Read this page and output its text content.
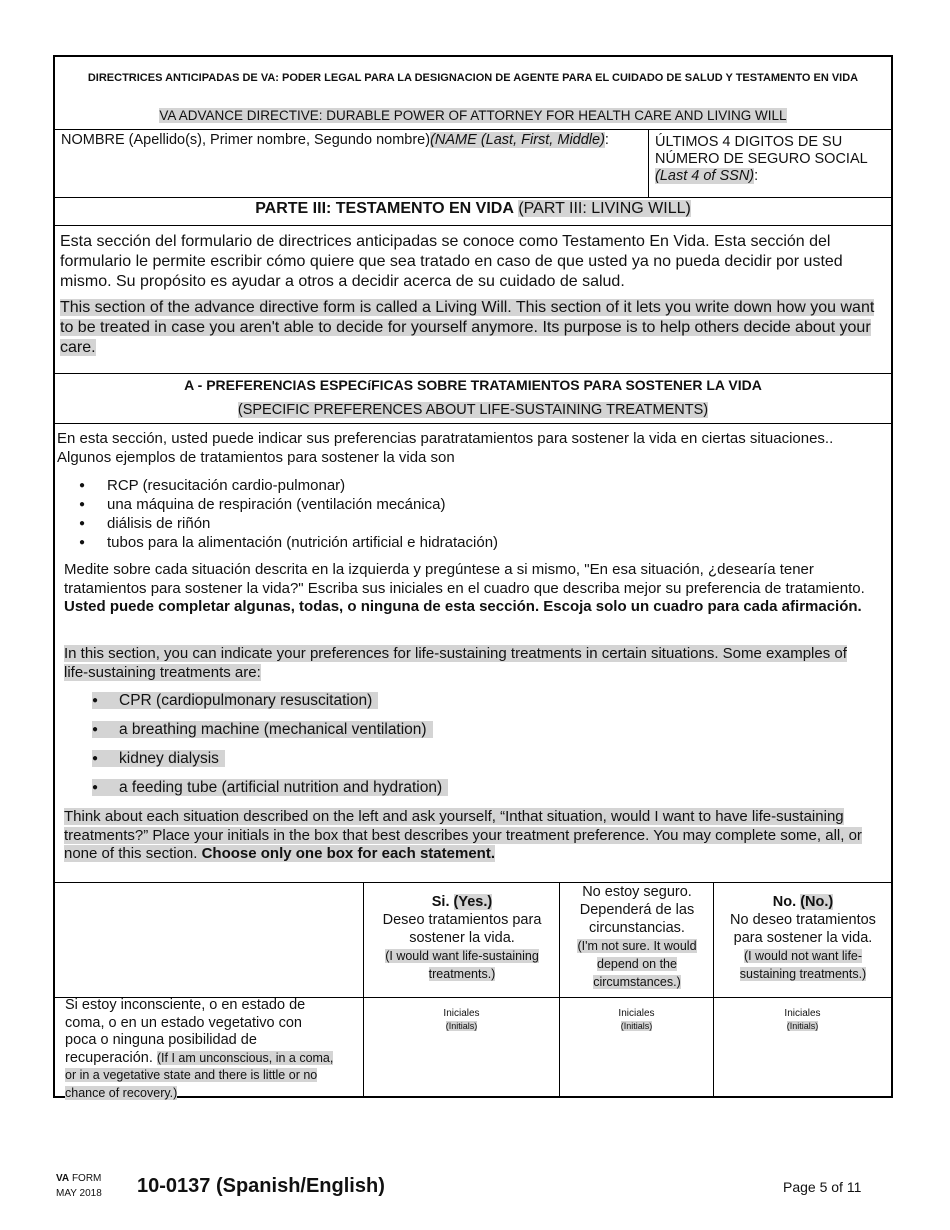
DIRECTRICES ANTICIPADAS DE VA: PODER LEGAL PARA LA DESIGNACION DE AGENTE PARA EL CUIDADO DE SALUD Y TESTAMENTO EN VIDA
VA ADVANCE DIRECTIVE: DURABLE POWER OF ATTORNEY FOR HEALTH CARE AND LIVING WILL
NOMBRE (Apellido(s), Primer nombre, Segundo nombre)(NAME (Last, First, Middle):	ÚLTIMOS 4 DIGITOS DE SU NÚMERO DE SEGURO SOCIAL
(Last 4 of SSN):
PARTE III: TESTAMENTO EN VIDA (PART III: LIVING WILL)
Esta sección del formulario de directrices anticipadas se conoce como Testamento En Vida. Esta sección del formulario le permite escribir cómo quiere que sea tratado en caso de que usted ya no pueda decidir por usted mismo. Su propósito es ayudar a otros a decidir acerca de su cuidado de salud.
This section of the advance directive form is called a Living Will. This section of it lets you write down how you want to be treated in case you aren't able to decide for yourself anymore. Its purpose is to help others decide about your care.
A - PREFERENCIAS ESPECíFICAS SOBRE TRATAMIENTOS PARA SOSTENER LA VIDA
(SPECIFIC PREFERENCES ABOUT LIFE-SUSTAINING TREATMENTS)
En esta sección, usted puede indicar sus preferencias paratratamientos para sostener la vida en ciertas situaciones.. Algunos ejemplos de tratamientos para sostener la vida son
● RCP (resucitación cardio-pulmonar)
● una máquina de respiración (ventilación mecánica)
● diálisis de riñón
● tubos para la alimentación (nutrición artificial e hidratación)
Medite sobre cada situación descrita en la izquierda y pregúntese a si mismo, "En esa situación, ¿desearía tener tratamientos para sostener la vida?" Escriba sus iniciales en el cuadro que describa mejor su preferencia de tratamiento. Usted puede completar algunas, todas, o ninguna de esta sección. Escoja solo un cuadro para cada afirmación.
In this section, you can indicate your preferences for life-sustaining treatments in certain situations. Some examples of life-sustaining treatments are:
● CPR (cardiopulmonary resuscitation)
● a breathing machine (mechanical ventilation)
● kidney dialysis
● a feeding tube (artificial nutrition and hydration)
Think about each situation described on the left and ask yourself, “Inthat situation, would I want to have life-sustaining treatments?” Place your initials in the box that best describes your treatment preference. You may complete some, all, or none of this section. Choose only one box for each statement.
Si. (Yes.)
Deseo tratamientos para sostener la vida.
(I would want life-sustaining treatments.)
No estoy seguro. Dependerá de las circunstancias.
(I'm not sure. It would depend on the circumstances.)
No. (No.)
No deseo tratamientos para sostener la vida.
(I would not want life-sustaining treatments.)
Si estoy inconsciente, o en estado de coma, o en un estado vegetativo con poca o ninguna posibilidad de recuperación. (If I am unconscious, in a coma, or in a vegetative state and there is little or no chance of recovery.)
Iniciales
(Initials)
Iniciales
(Initials)
Iniciales
(Initials)
VA FORM
MAY 2018 10-0137 (Spanish/English)	Page 5 of 11
